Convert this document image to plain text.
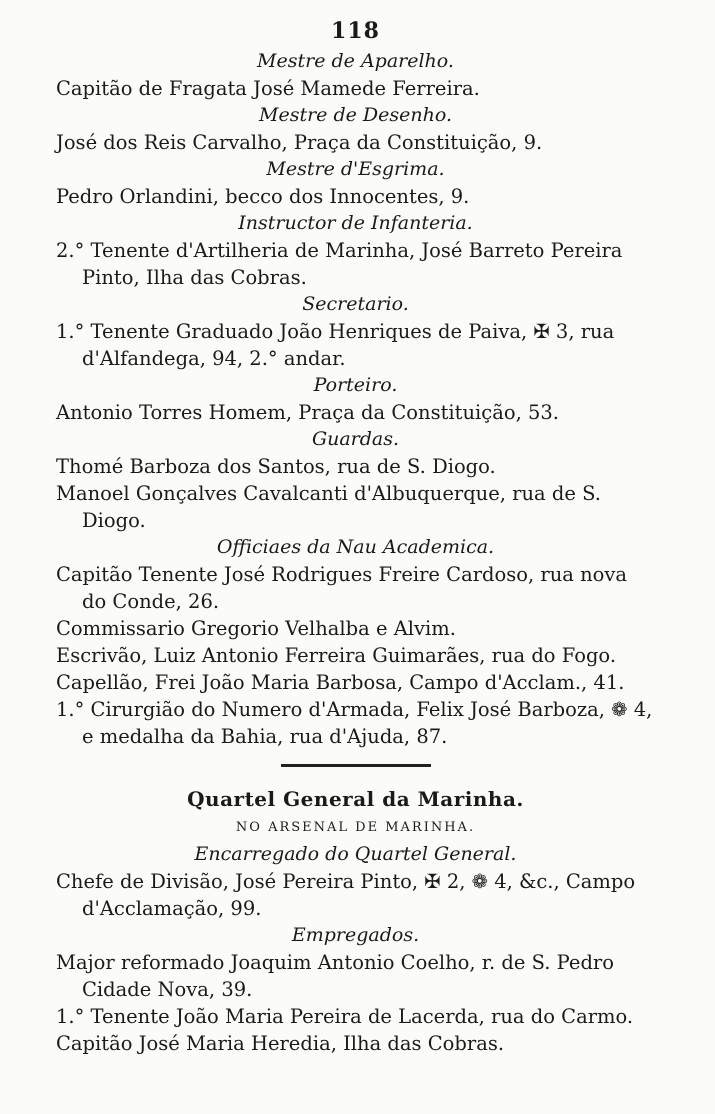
118
Mestre de Aparelho.
Capitão de Fragata José Mamede Ferreira.
Mestre de Desenho.
José dos Reis Carvalho, Praça da Constituição, 9.
Mestre d'Esgrima.
Pedro Orlandini, becco dos Innocentes, 9.
Instructor de Infanteria.
2.° Tenente d'Artilheria de Marinha, José Barreto Pereira
Pinto, Ilha das Cobras.
Secretario.
1.° Tenente Graduado João Henriques de Paiva, ✠ 3, rua
d'Alfandega, 94, 2.° andar.
Porteiro.
Antonio Torres Homem, Praça da Constituição, 53.
Guardas.
Thomé Barboza dos Santos, rua de S. Diogo.
Manoel Gonçalves Cavalcanti d'Albuquerque, rua de S.
Diogo.
Officiaes da Nau Academica.
Capitão Tenente José Rodrigues Freire Cardoso, rua nova
do Conde, 26.
Commissario Gregorio Velhalba e Alvim.
Escrivão, Luiz Antonio Ferreira Guimarães, rua do Fogo.
Capellão, Frei João Maria Barbosa, Campo d'Acclam., 41.
1.° Cirurgião do Numero d'Armada, Felix José Barboza, ❁ 4,
e medalha da Bahia, rua d'Ajuda, 87.
Quartel General da Marinha.
NO ARSENAL DE MARINHA.
Encarregado do Quartel General.
Chefe de Divisão, José Pereira Pinto, ✠ 2, ❁ 4, &c., Campo
d'Acclamação, 99.
Empregados.
Major reformado Joaquim Antonio Coelho, r. de S. Pedro
Cidade Nova, 39.
1.° Tenente João Maria Pereira de Lacerda, rua do Carmo.
Capitão José Maria Heredia, Ilha das Cobras.
